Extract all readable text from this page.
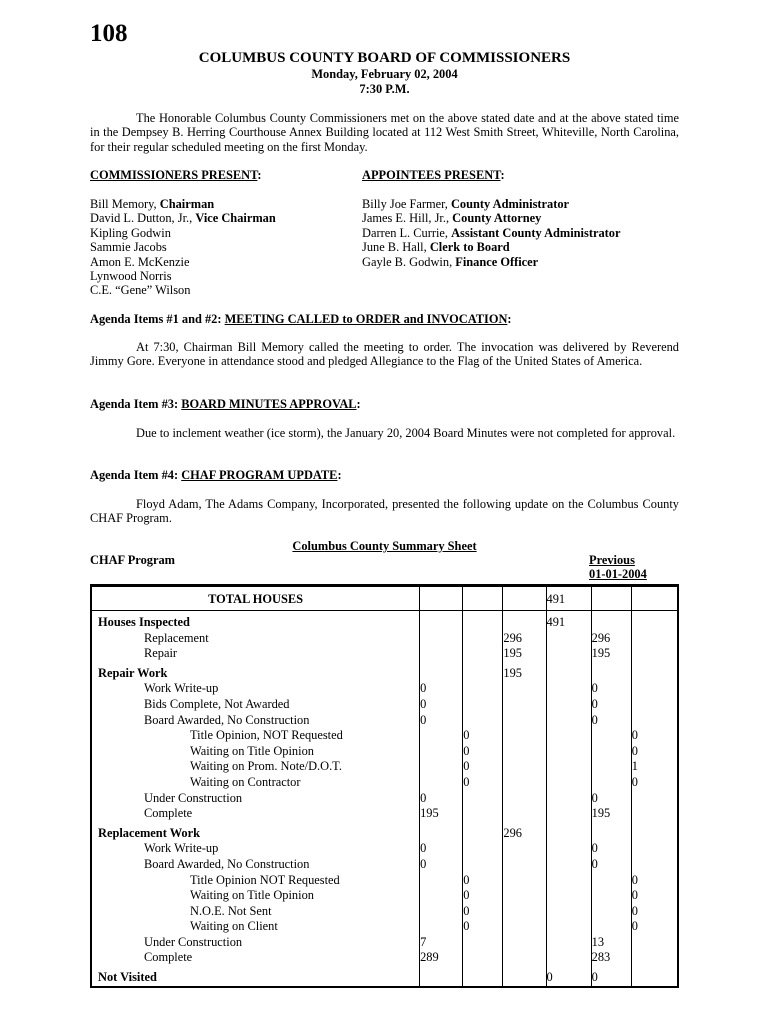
108
COLUMBUS COUNTY BOARD OF COMMISSIONERS
Monday, February 02, 2004
7:30 P.M.
The Honorable Columbus County Commissioners met on the above stated date and at the above stated time in the Dempsey B. Herring Courthouse Annex Building located at 112 West Smith Street, Whiteville, North Carolina, for their regular scheduled meeting on the first Monday.
COMMISSIONERS PRESENT:	APPOINTEES PRESENT:
Bill Memory, Chairman
David L. Dutton, Jr., Vice Chairman
Kipling Godwin
Sammie Jacobs
Amon E. McKenzie
Lynwood Norris
C.E. “Gene” Wilson
Billy Joe Farmer, County Administrator
James E. Hill, Jr., County Attorney
Darren L. Currie, Assistant County Administrator
June B. Hall, Clerk to Board
Gayle B. Godwin, Finance Officer
Agenda Items #1 and #2: MEETING CALLED to ORDER and INVOCATION:
At 7:30, Chairman Bill Memory called the meeting to order. The invocation was delivered by Reverend Jimmy Gore. Everyone in attendance stood and pledged Allegiance to the Flag of the United States of America.
Agenda Item #3: BOARD MINUTES APPROVAL:
Due to inclement weather (ice storm), the January 20, 2004 Board Minutes were not completed for approval.
Agenda Item #4: CHAF PROGRAM UPDATE:
Floyd Adam, The Adams Company, Incorporated, presented the following update on the Columbus County CHAF Program.
Columbus County Summary Sheet
CHAF Program	Previous
01-01-2004
TOTAL HOUSES				491		

Houses Inspected				491		
Replacement			296		296	
Repair			195		195	

Repair Work			195			
Work Write-up	0				0	
Bids Complete, Not Awarded	0				0	
Board Awarded, No Construction	0				0	
Title Opinion, NOT Requested		0				0
Waiting on Title Opinion		0				0
Waiting on Prom. Note/D.O.T.		0				1
Waiting on Contractor		0				0
Under Construction	0				0	
Complete	195				195	

Replacement Work			296			
Work Write-up	0				0	
Board Awarded, No Construction	0				0	
Title Opinion NOT Requested		0				0
Waiting on Title Opinion		0				0
N.O.E. Not Sent		0				0
Waiting on Client		0				0
Under Construction	7				13	
Complete	289				283	

Not Visited				0	0	
